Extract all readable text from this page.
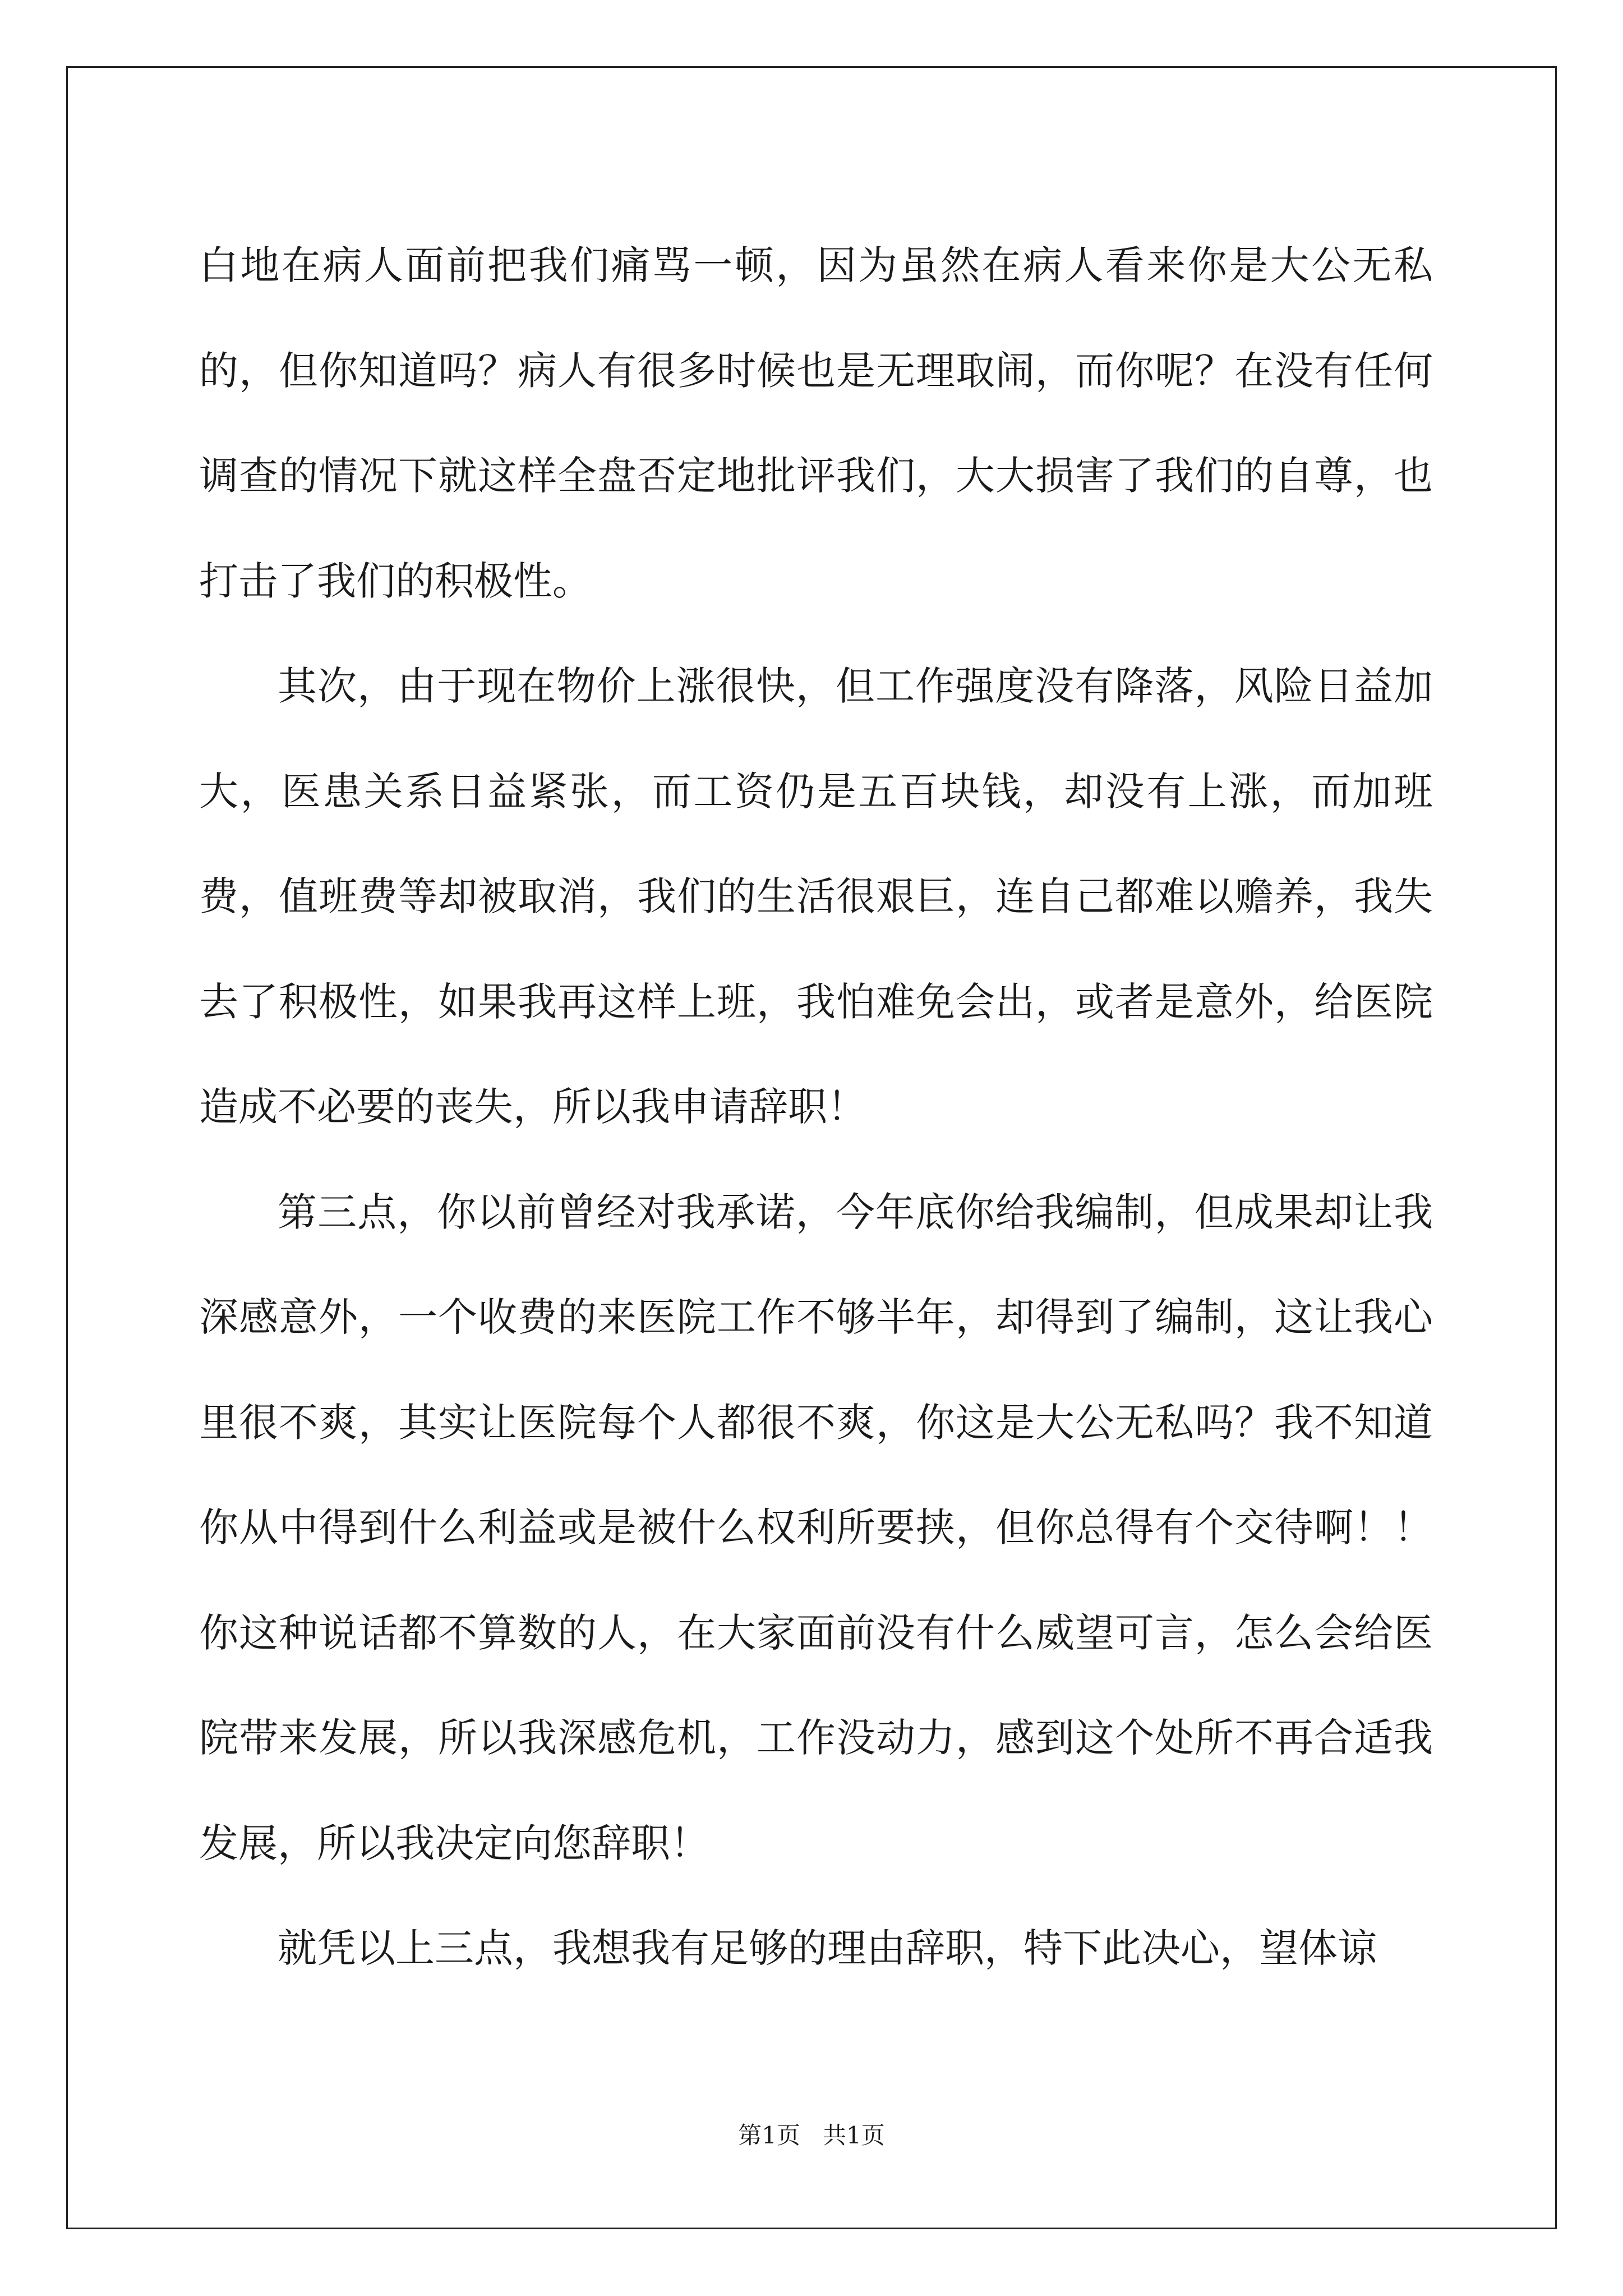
白地在病人面前把我们痛骂一顿，因为虽然在病人看来你是大公无私的，但你知道吗？病人有很多时候也是无理取闹，而你呢？在没有任何调查的情况下就这样全盘否定地批评我们，大大损害了我们的自尊，也打击了我们的积极性。

其次，由于现在物价上涨很快，但工作强度没有降落，风险日益加大，医患关系日益紧张，而工资仍是五百块钱，却没有上涨，而加班费，值班费等却被取消，我们的生活很艰巨，连自己都难以赡养，我失去了积极性，如果我再这样上班，我怕难免会出，或者是意外，给医院造成不必要的丧失，所以我申请辞职！

第三点，你以前曾经对我承诺，今年底你给我编制，但成果却让我深感意外，一个收费的来医院工作不够半年，却得到了编制，这让我心里很不爽，其实让医院每个人都很不爽，你这是大公无私吗？我不知道你从中得到什么利益或是被什么权利所要挟，但你总得有个交待啊！！你这种说话都不算数的人，在大家面前没有什么威望可言，怎么会给医院带来发展，所以我深感危机，工作没动力，感到这个处所不再合适我发展，所以我决定向您辞职！

就凭以上三点，我想我有足够的理由辞职，特下此决心，望体谅

第1页   共1页
